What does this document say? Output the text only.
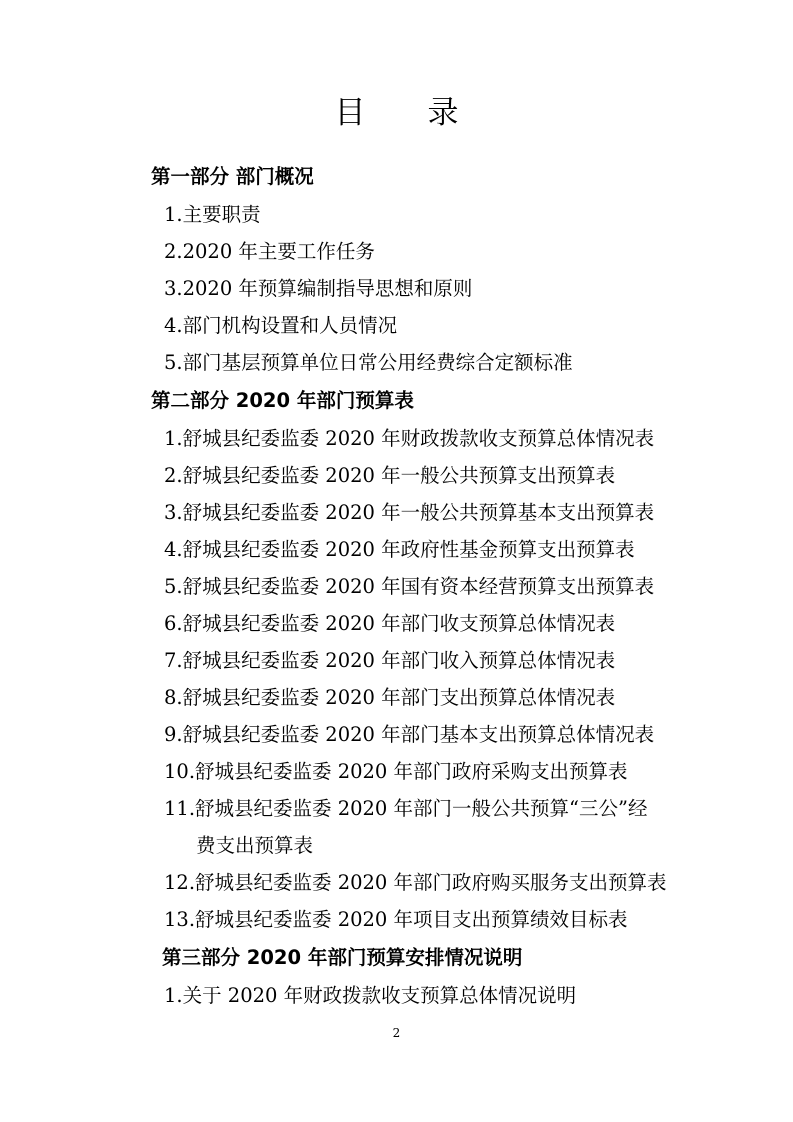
目录
第一部分 部门概况
1.主要职责
2.2020 年主要工作任务
3.2020 年预算编制指导思想和原则
4.部门机构设置和人员情况
5.部门基层预算单位日常公用经费综合定额标准
第二部分 2020 年部门预算表
1.舒城县纪委监委 2020 年财政拨款收支预算总体情况表
2.舒城县纪委监委 2020 年一般公共预算支出预算表
3.舒城县纪委监委 2020 年一般公共预算基本支出预算表
4.舒城县纪委监委 2020 年政府性基金预算支出预算表
5.舒城县纪委监委 2020 年国有资本经营预算支出预算表
6.舒城县纪委监委 2020 年部门收支预算总体情况表
7.舒城县纪委监委 2020 年部门收入预算总体情况表
8.舒城县纪委监委 2020 年部门支出预算总体情况表
9.舒城县纪委监委 2020 年部门基本支出预算总体情况表
10.舒城县纪委监委 2020 年部门政府采购支出预算表
11.舒城县纪委监委 2020 年部门一般公共预算“三公”经
费支出预算表
12.舒城县纪委监委 2020 年部门政府购买服务支出预算表
13.舒城县纪委监委 2020 年项目支出预算绩效目标表
第三部分 2020 年部门预算安排情况说明
1.关于 2020 年财政拨款收支预算总体情况说明
2
